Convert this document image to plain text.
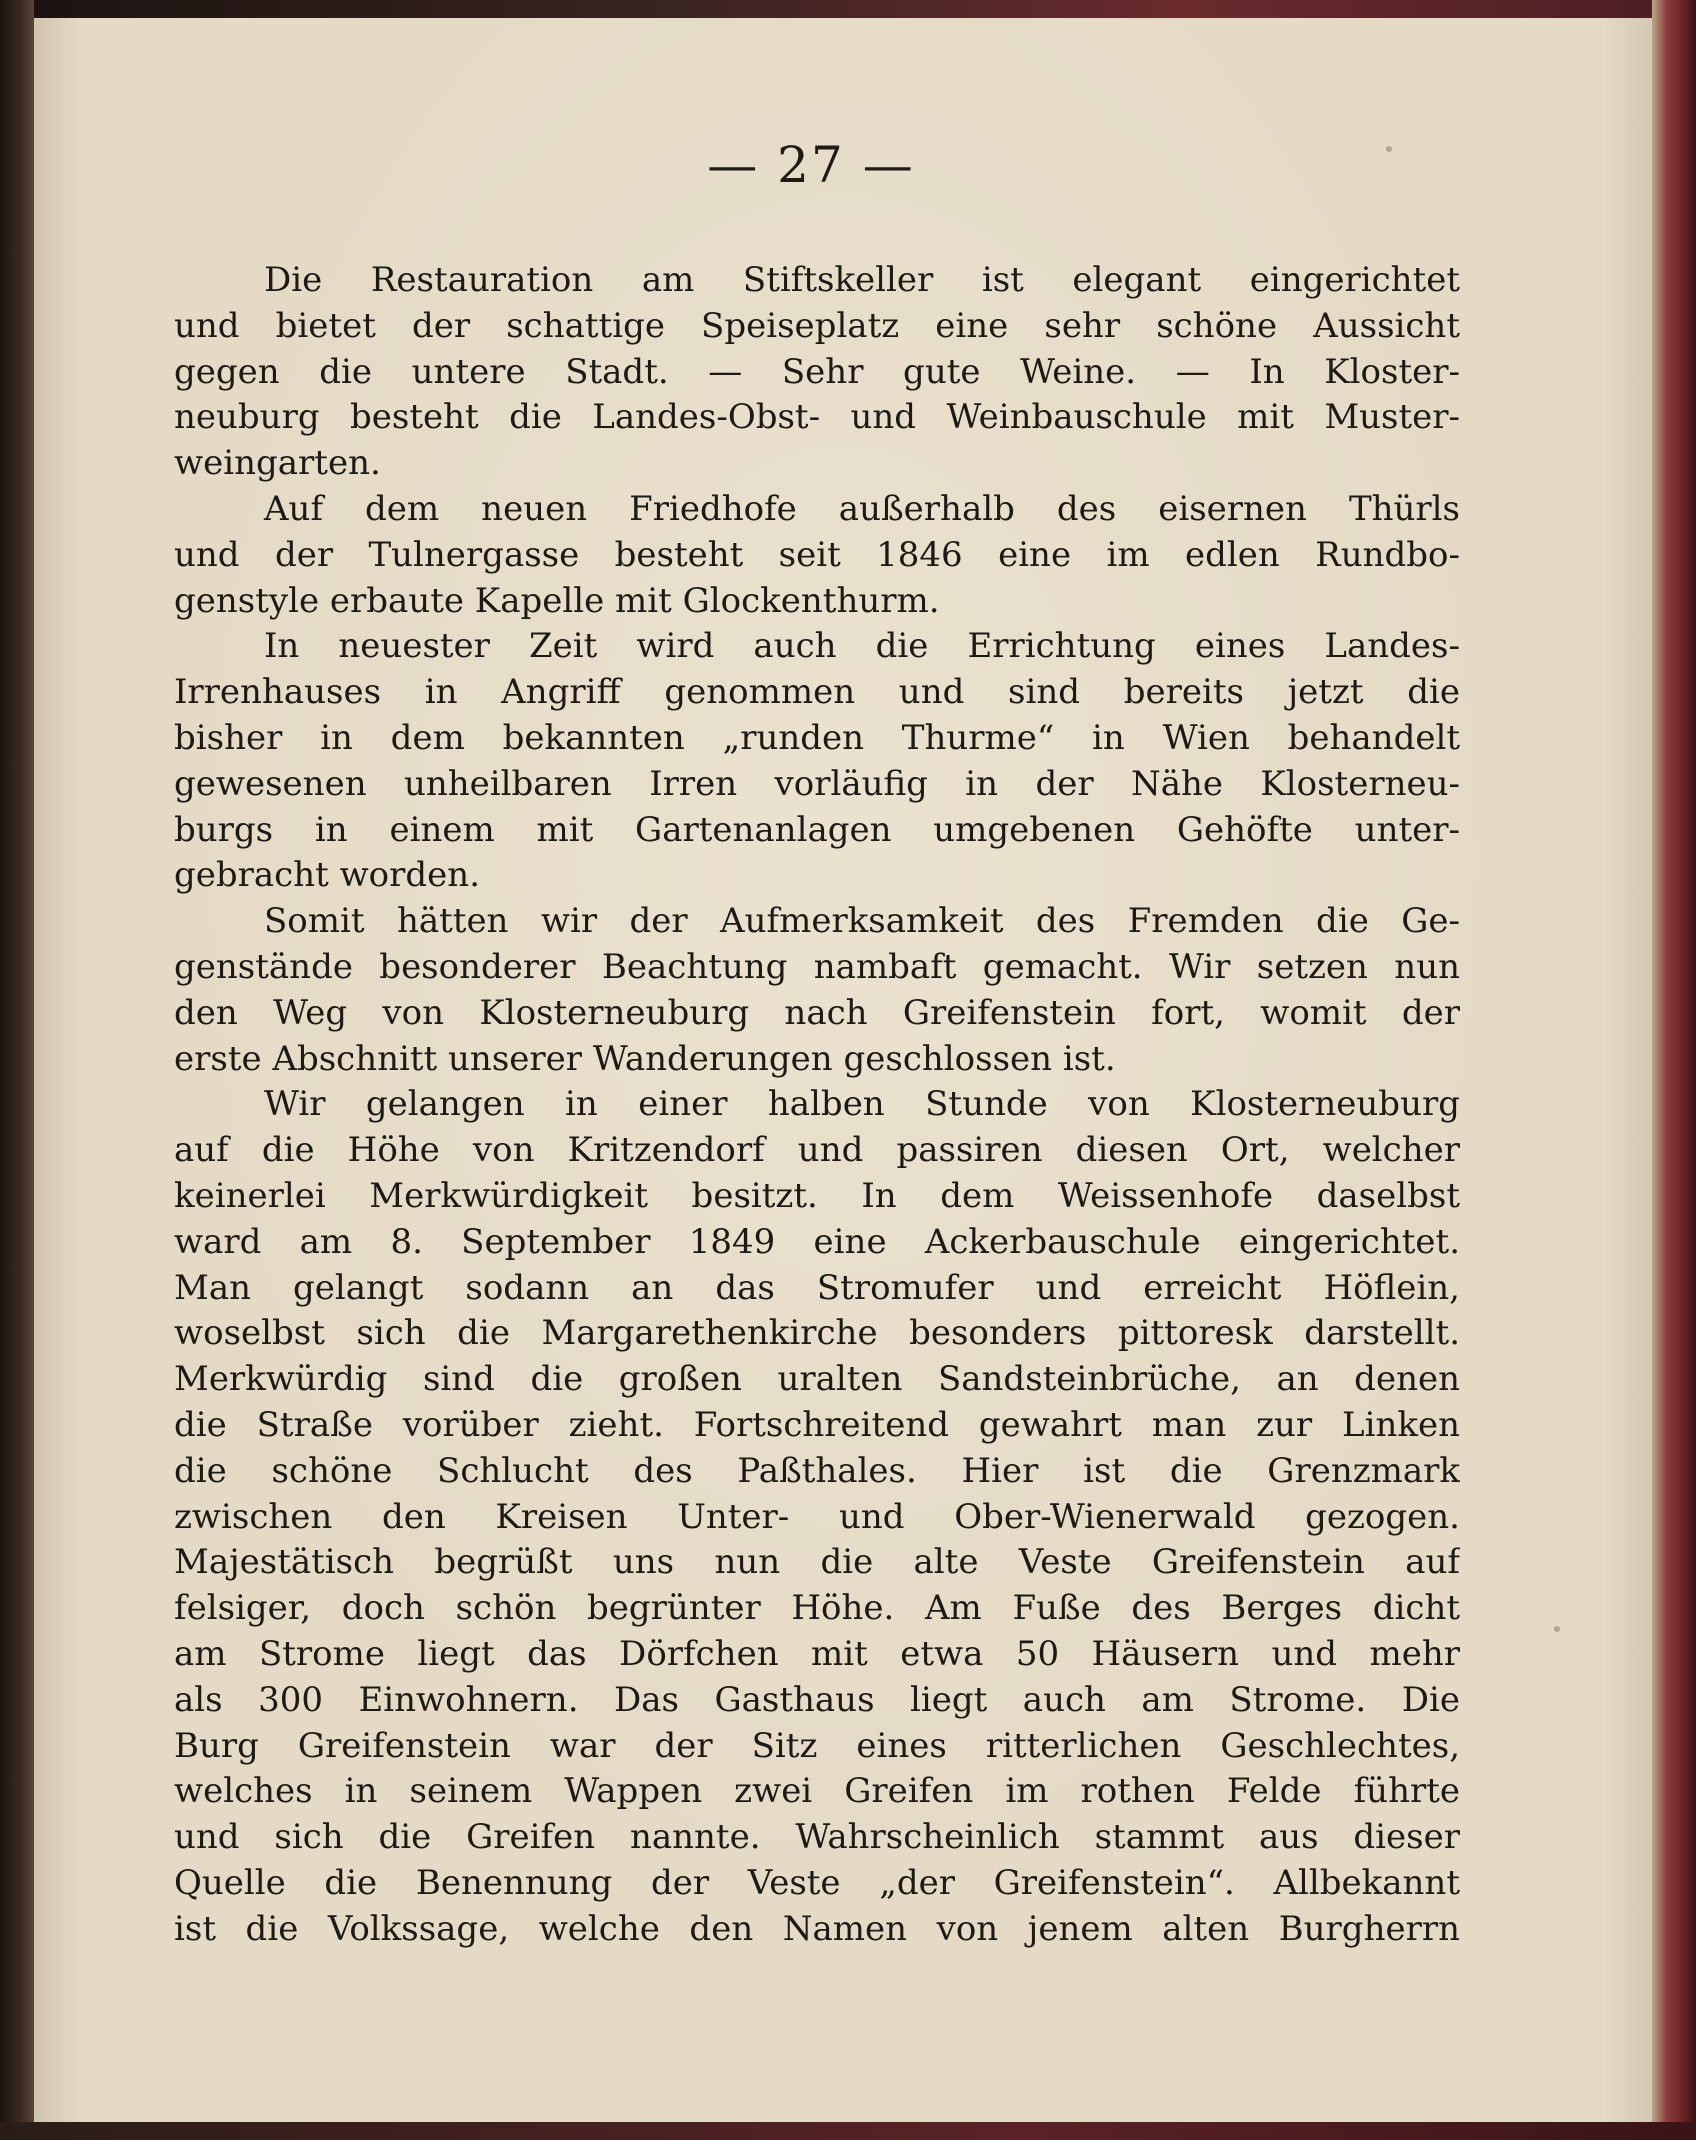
— 27 —
Die Restauration am Stiftskeller ist elegant eingerichtet
und bietet der schattige Speiseplatz eine sehr schöne Aussicht
gegen die untere Stadt. — Sehr gute Weine. — In Kloster-
neuburg besteht die Landes-Obst- und Weinbauschule mit Muster-
weingarten.
Auf dem neuen Friedhofe außerhalb des eisernen Thürls
und der Tulnergasse besteht seit 1846 eine im edlen Rundbo-
genstyle erbaute Kapelle mit Glockenthurm.
In neuester Zeit wird auch die Errichtung eines Landes-
Irrenhauses in Angriff genommen und sind bereits jetzt die
bisher in dem bekannten „runden Thurme“ in Wien behandelt
gewesenen unheilbaren Irren vorläufig in der Nähe Klosterneu-
burgs in einem mit Gartenanlagen umgebenen Gehöfte unter-
gebracht worden.
Somit hätten wir der Aufmerksamkeit des Fremden die Ge-
genstände besonderer Beachtung nambaft gemacht. Wir setzen nun
den Weg von Klosterneuburg nach Greifenstein fort, womit der
erste Abschnitt unserer Wanderungen geschlossen ist.
Wir gelangen in einer halben Stunde von Klosterneuburg
auf die Höhe von Kritzendorf und passiren diesen Ort, welcher
keinerlei Merkwürdigkeit besitzt. In dem Weissenhofe daselbst
ward am 8. September 1849 eine Ackerbauschule eingerichtet.
Man gelangt sodann an das Stromufer und erreicht Höflein,
woselbst sich die Margarethenkirche besonders pittoresk darstellt.
Merkwürdig sind die großen uralten Sandsteinbrüche, an denen
die Straße vorüber zieht. Fortschreitend gewahrt man zur Linken
die schöne Schlucht des Paßthales. Hier ist die Grenzmark
zwischen den Kreisen Unter- und Ober-Wienerwald gezogen.
Majestätisch begrüßt uns nun die alte Veste Greifenstein auf
felsiger, doch schön begrünter Höhe. Am Fuße des Berges dicht
am Strome liegt das Dörfchen mit etwa 50 Häusern und mehr
als 300 Einwohnern. Das Gasthaus liegt auch am Strome. Die
Burg Greifenstein war der Sitz eines ritterlichen Geschlechtes,
welches in seinem Wappen zwei Greifen im rothen Felde führte
und sich die Greifen nannte. Wahrscheinlich stammt aus dieser
Quelle die Benennung der Veste „der Greifenstein“. Allbekannt
ist die Volkssage, welche den Namen von jenem alten Burgherrn
